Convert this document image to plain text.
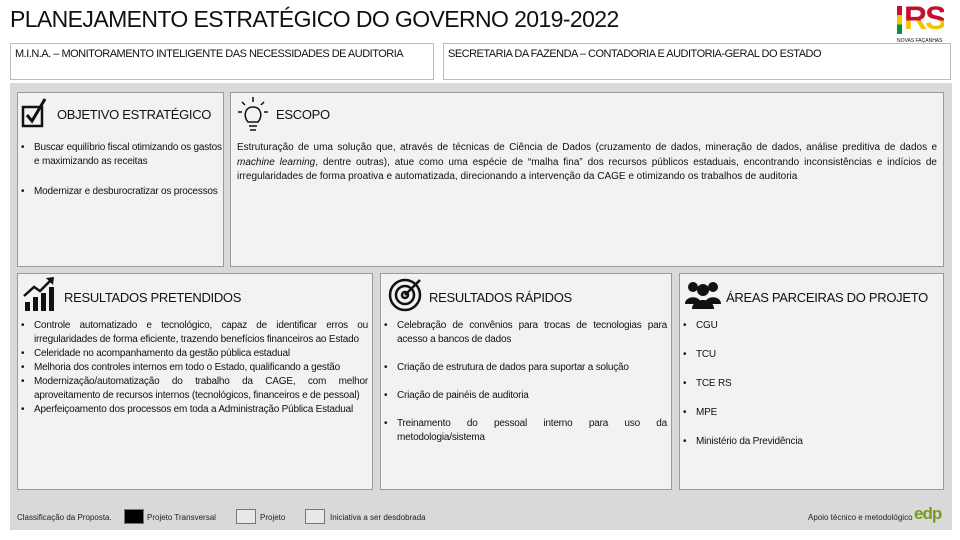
PLANEJAMENTO ESTRATÉGICO DO GOVERNO 2019-2022	RS
NOVAS FAÇANHAS
M.I.N.A. – MONITORAMENTO INTELIGENTE DAS NECESSIDADES DE AUDITORIA	SECRETARIA DA FAZENDA – CONTADORIA E AUDITORIA-GERAL DO ESTADO
OBJETIVO ESTRATÉGICO
• Buscar equilíbrio fiscal otimizando os gastos e maximizando as receitas
• Modernizar e desburocratizar os processos
ESCOPO
Estruturação de uma solução que, através de técnicas de Ciência de Dados (cruzamento de dados, mineração de dados, análise preditiva de dados e machine learning, dentre outras), atue como uma espécie de “malha fina” dos recursos públicos estaduais, encontrando inconsistências e indícios de irregularidades de forma proativa e automatizada, direcionando a intervenção da CAGE e otimizando os trabalhos de auditoria
RESULTADOS PRETENDIDOS
• Controle automatizado e tecnológico, capaz de identificar erros ou irregularidades de forma eficiente, trazendo benefícios financeiros ao Estado
• Celeridade no acompanhamento da gestão pública estadual
• Melhoria dos controles internos em todo o Estado, qualificando a gestão
• Modernização/automatização do trabalho da CAGE, com melhor aproveitamento de recursos internos (tecnológicos, financeiros e de pessoal)
• Aperfeiçoamento dos processos em toda a Administração Pública Estadual
RESULTADOS RÁPIDOS
• Celebração de convênios para trocas de tecnologias para acesso a bancos de dados
• Criação de estrutura de dados para suportar a solução
• Criação de painéis de auditoria
• Treinamento do pessoal interno para uso da metodologia/sistema
ÁREAS PARCEIRAS DO PROJETO
• CGU
• TCU
• TCE RS
• MPE
• Ministério da Previdência
Classificação da Proposta.	Projeto Transversal	Projeto	Iniciativa a ser desdobrada	Apoio técnico e metodológico edp
